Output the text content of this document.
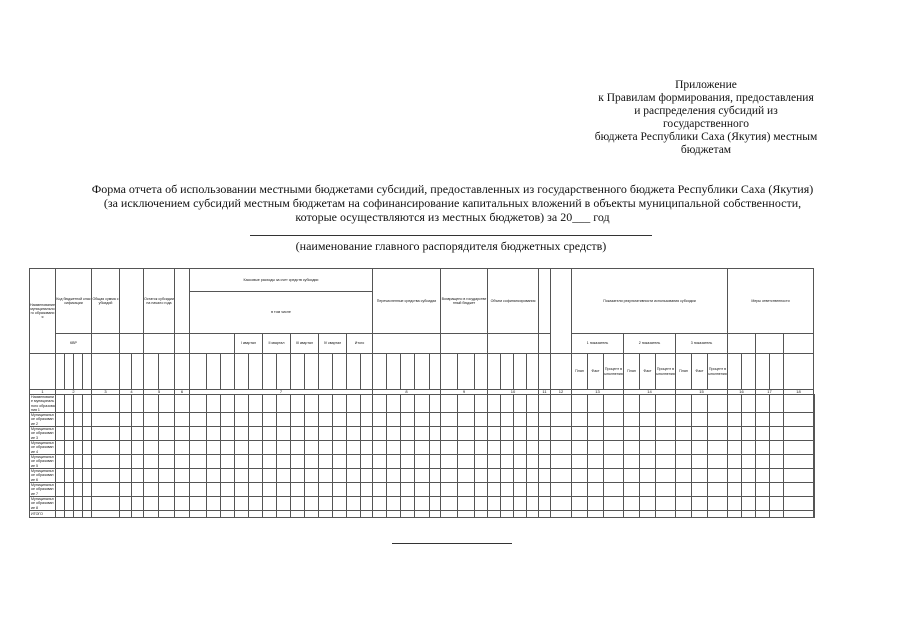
Приложение
к Правилам формирования, предоставления
и распределения субсидий из государственного
бюджета Республики Саха (Якутия) местным
бюджетам
Форма отчета об использовании местными бюджетами субсидий, предоставленных из государственного бюджета Республики Саха (Якутия)
(за исключением субсидий местным бюджетам на софинансирование капитальных вложений в объекты муниципальной собственности,
которые осуществляются из местных бюджетов) за 20___ год
(наименование главного распорядителя бюджетных средств)
Наименование муниципального образования	Код бюджетной классификации				Общая сумма субсидий			Остаток субсидии на начало года			Кассовые расходы за счет средств субсидии													Перечисленные средства субсидии					Возвращено в государственный бюджет			Объем софинансирования						Показатели результативности использования субсидии									Меры ответственности					
											в том числе																																									
	КВР													I квартал		II квартал		III квартал		IV квартал		Итого																1 показатель			2 показатель			3 показатель								
																																						План	Факт	Процент выполнения	План	Факт	Процент выполнения	План	Факт	Процент выполнения						
1	2				3	4		5		6	7													8					9			10				11	12	13			14			15			16		17		18	
Наименование муниципального образования 1																																																				
Муниципальное образование 2																																																				
Муниципальное образование 3																																																				
Муниципальное образование 4																																																				
Муниципальное образование 5																																																				
Муниципальное образование 6																																																				
Муниципальное образование 7																																																				
Муниципальное образование 8																																																				
ИТОГО																																																				
